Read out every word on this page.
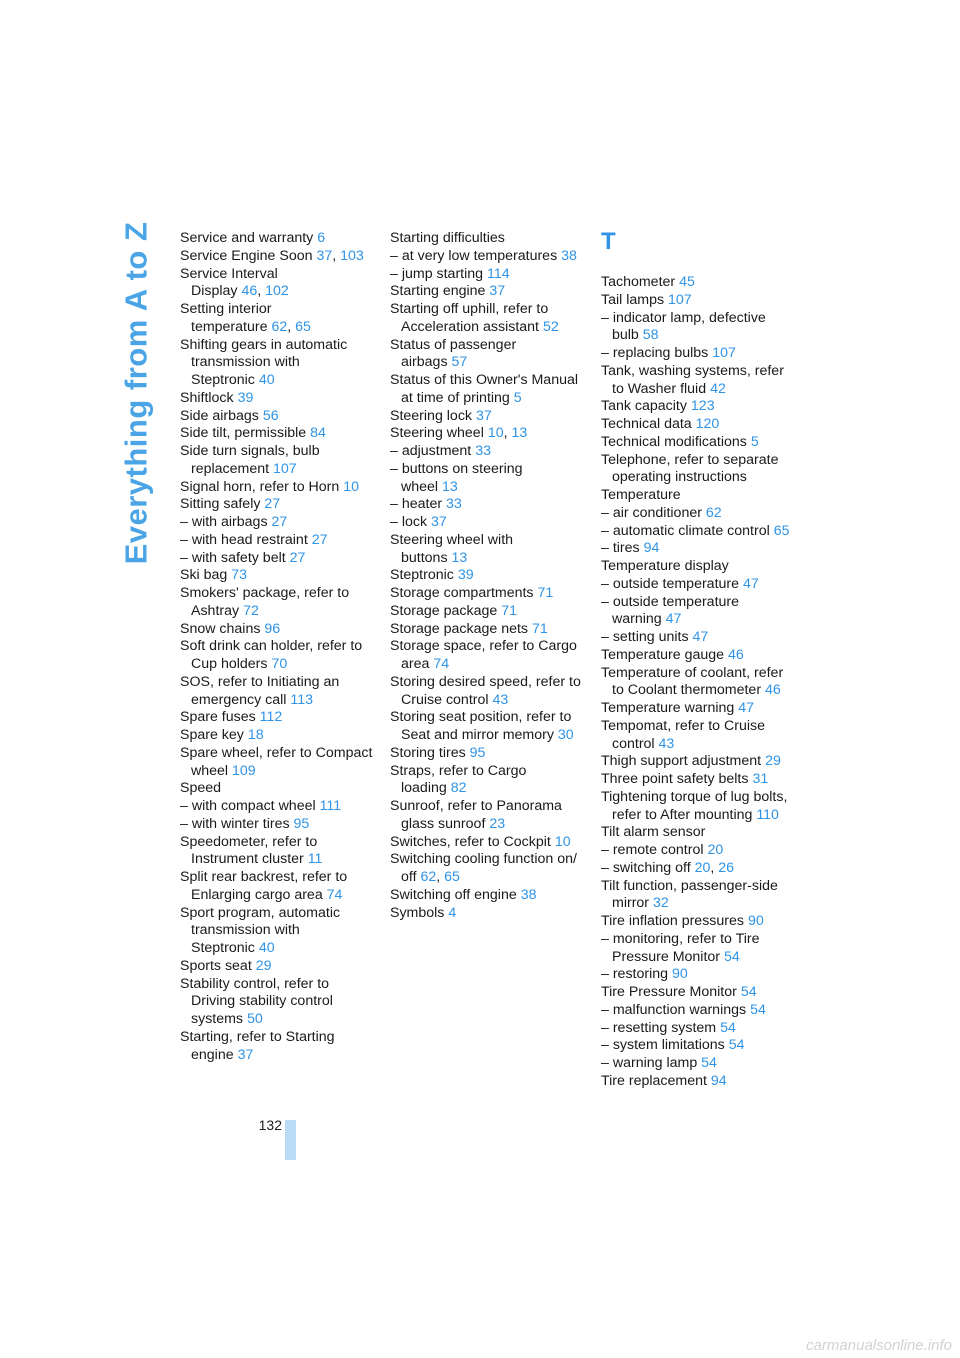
Everything from A to Z Service and warranty 6
Service Engine Soon 37, 103
Service Interval
Display 46, 102
Setting interior
temperature 62, 65
Shifting gears in automatic
transmission with
Steptronic 40
Shiftlock 39
Side airbags 56
Side tilt, permissible 84
Side turn signals, bulb
replacement 107
Signal horn, refer to Horn 10
Sitting safely 27
– with airbags 27
– with head restraint 27
– with safety belt 27
Ski bag 73
Smokers' package, refer to
Ashtray 72
Snow chains 96
Soft drink can holder, refer to
Cup holders 70
SOS, refer to Initiating an
emergency call 113
Spare fuses 112
Spare key 18
Spare wheel, refer to Compact
wheel 109
Speed
– with compact wheel 111
– with winter tires 95
Speedometer, refer to
Instrument cluster 11
Split rear backrest, refer to
Enlarging cargo area 74
Sport program, automatic
transmission with
Steptronic 40
Sports seat 29
Stability control, refer to
Driving stability control
systems 50
Starting, refer to Starting
engine 37
Starting difficulties
– at very low temperatures 38
– jump starting 114
Starting engine 37
Starting off uphill, refer to
Acceleration assistant 52
Status of passenger
airbags 57
Status of this Owner's Manual
at time of printing 5
Steering lock 37
Steering wheel 10, 13
– adjustment 33
– buttons on steering
wheel 13
– heater 33
– lock 37
Steering wheel with
buttons 13
Steptronic 39
Storage compartments 71
Storage package 71
Storage package nets 71
Storage space, refer to Cargo
area 74
Storing desired speed, refer to
Cruise control 43
Storing seat position, refer to
Seat and mirror memory 30
Storing tires 95
Straps, refer to Cargo
loading 82
Sunroof, refer to Panorama
glass sunroof 23
Switches, refer to Cockpit 10
Switching cooling function on/
off 62, 65
Switching off engine 38
Symbols 4
T
Tachometer 45
Tail lamps 107
– indicator lamp, defective
bulb 58
– replacing bulbs 107
Tank, washing systems, refer
to Washer fluid 42
Tank capacity 123
Technical data 120
Technical modifications 5
Telephone, refer to separate
operating instructions
Temperature
– air conditioner 62
– automatic climate control 65
– tires 94
Temperature display
– outside temperature 47
– outside temperature
warning 47
– setting units 47
Temperature gauge 46
Temperature of coolant, refer
to Coolant thermometer 46
Temperature warning 47
Tempomat, refer to Cruise
control 43
Thigh support adjustment 29
Three point safety belts 31
Tightening torque of lug bolts,
refer to After mounting 110
Tilt alarm sensor
– remote control 20
– switching off 20, 26
Tilt function, passenger-side
mirror 32
Tire inflation pressures 90
– monitoring, refer to Tire
Pressure Monitor 54
– restoring 90
Tire Pressure Monitor 54
– malfunction warnings 54
– resetting system 54
– system limitations 54
– warning lamp 54
Tire replacement 94
132
carmanualsonline.info
